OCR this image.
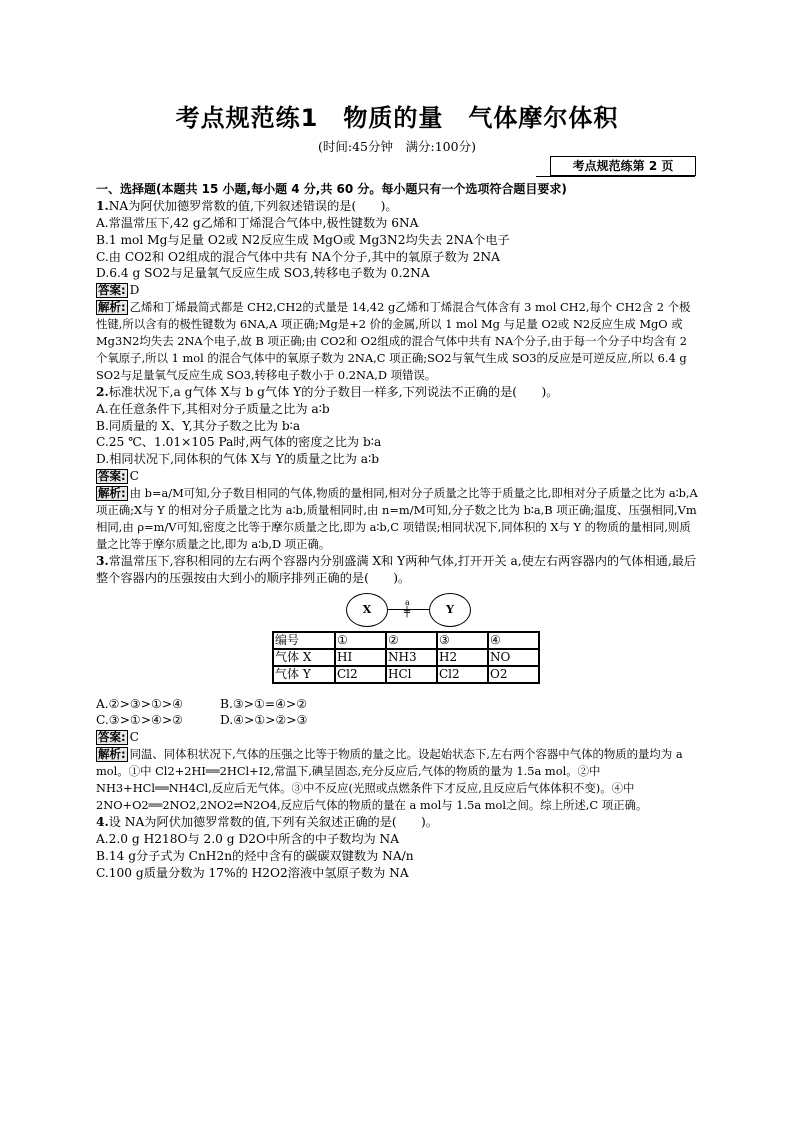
考点规范练1　物质的量　气体摩尔体积
(时间:45分钟　满分:100分)
考点规范练第 2 页
一、选择题(本题共 15 小题,每小题 4 分,共 60 分。每小题只有一个选项符合题目要求)
1.NA为阿伏加德罗常数的值,下列叙述错误的是(　　)。
A.常温常压下,42 g乙烯和丁烯混合气体中,极性键数为 6NA
B.1 mol Mg与足量 O2或 N2反应生成 MgO或 Mg3N2均失去 2NA个电子
C.由 CO2和 O2组成的混合气体中共有 NA个分子,其中的氧原子数为 2NA
D.6.4 g SO2与足量氧气反应生成 SO3,转移电子数为 0.2NA
答案: D
解析: 乙烯和丁烯最简式都是 CH2,CH2的式量是 14,42 g乙烯和丁烯混合气体含有 3 mol CH2,每个 CH2含 2 个极性键,所以含有的极性键数为 6NA,A 项正确;Mg是+2 价的金属,所以 1 mol Mg 与足量 O2或 N2反应生成 MgO 或 Mg3N2均失去 2NA个电子,故 B 项正确;由 CO2和 O2组成的混合气体中共有 NA个分子,由于每一个分子中均含有 2 个氧原子,所以 1 mol 的混合气体中的氧原子数为 2NA,C 项正确;SO2与氧气生成 SO3的反应是可逆反应,所以 6.4 g SO2与足量氧气反应生成 SO3,转移电子数小于 0.2NA,D 项错误。
2.标准状况下,a g气体 X与 b g气体 Y的分子数目一样多,下列说法不正确的是(　　)。
A.在任意条件下,其相对分子质量之比为 a∶b
B.同质量的 X、Y,其分子数之比为 b∶a
C.25 ℃、1.01×105 Pa时,两气体的密度之比为 b∶a
D.相同状况下,同体积的气体 X与 Y的质量之比为 a∶b
答案: C
解析: 由 b=a/M可知,分子数目相同的气体,物质的量相同,相对分子质量之比等于质量之比,即相对分子质量之比为 a∶b,A 项正确;X与 Y 的相对分子质量之比为 a∶b,质量相同时,由 n=m/M可知,分子数之比为 b∶a,B 项正确;温度、压强相同,Vm相同,由 ρ=m/V可知,密度之比等于摩尔质量之比,即为 a∶b,C 项错误;相同状况下,同体积的 X与 Y 的物质的量相同,则质量之比等于摩尔质量之比,即为 a∶b,D 项正确。
3.常温常压下,容积相同的左右两个容器内分别盛满 X和 Y两种气体,打开开关 a,使左右两容器内的气体相通,最后整个容器内的压强按由大到小的顺序排列正确的是(　　)。
X
a
╪	Y
编号	①	②	③	④
气体 X	HI	NH3	H2	NO
气体 Y	Cl2	HCl	Cl2	O2
A.②>③>①>④	B.③>①=④>②
C.③>①>④>②	D.④>①>②>③
答案: C
解析: 同温、同体积状况下,气体的压强之比等于物质的量之比。设起始状态下,左右两个容器中气体的物质的量均为 a mol。①中 Cl2+2HI══2HCl+I2,常温下,碘呈固态,充分反应后,气体的物质的量为 1.5a mol。②中 NH3+HCl══NH4Cl,反应后无气体。③中不反应(光照或点燃条件下才反应,且反应后气体体积不变)。④中 2NO+O2══2NO2,2NO2⇌N2O4,反应后气体的物质的量在 a mol与 1.5a mol之间。综上所述,C 项正确。
4.设 NA为阿伏加德罗常数的值,下列有关叙述正确的是(　　)。
A.2.0 g H218O与 2.0 g D2O中所含的中子数均为 NA
B.14 g分子式为 CnH2n的烃中含有的碳碳双键数为 NA/n
C.100 g质量分数为 17%的 H2O2溶液中氢原子数为 NA
